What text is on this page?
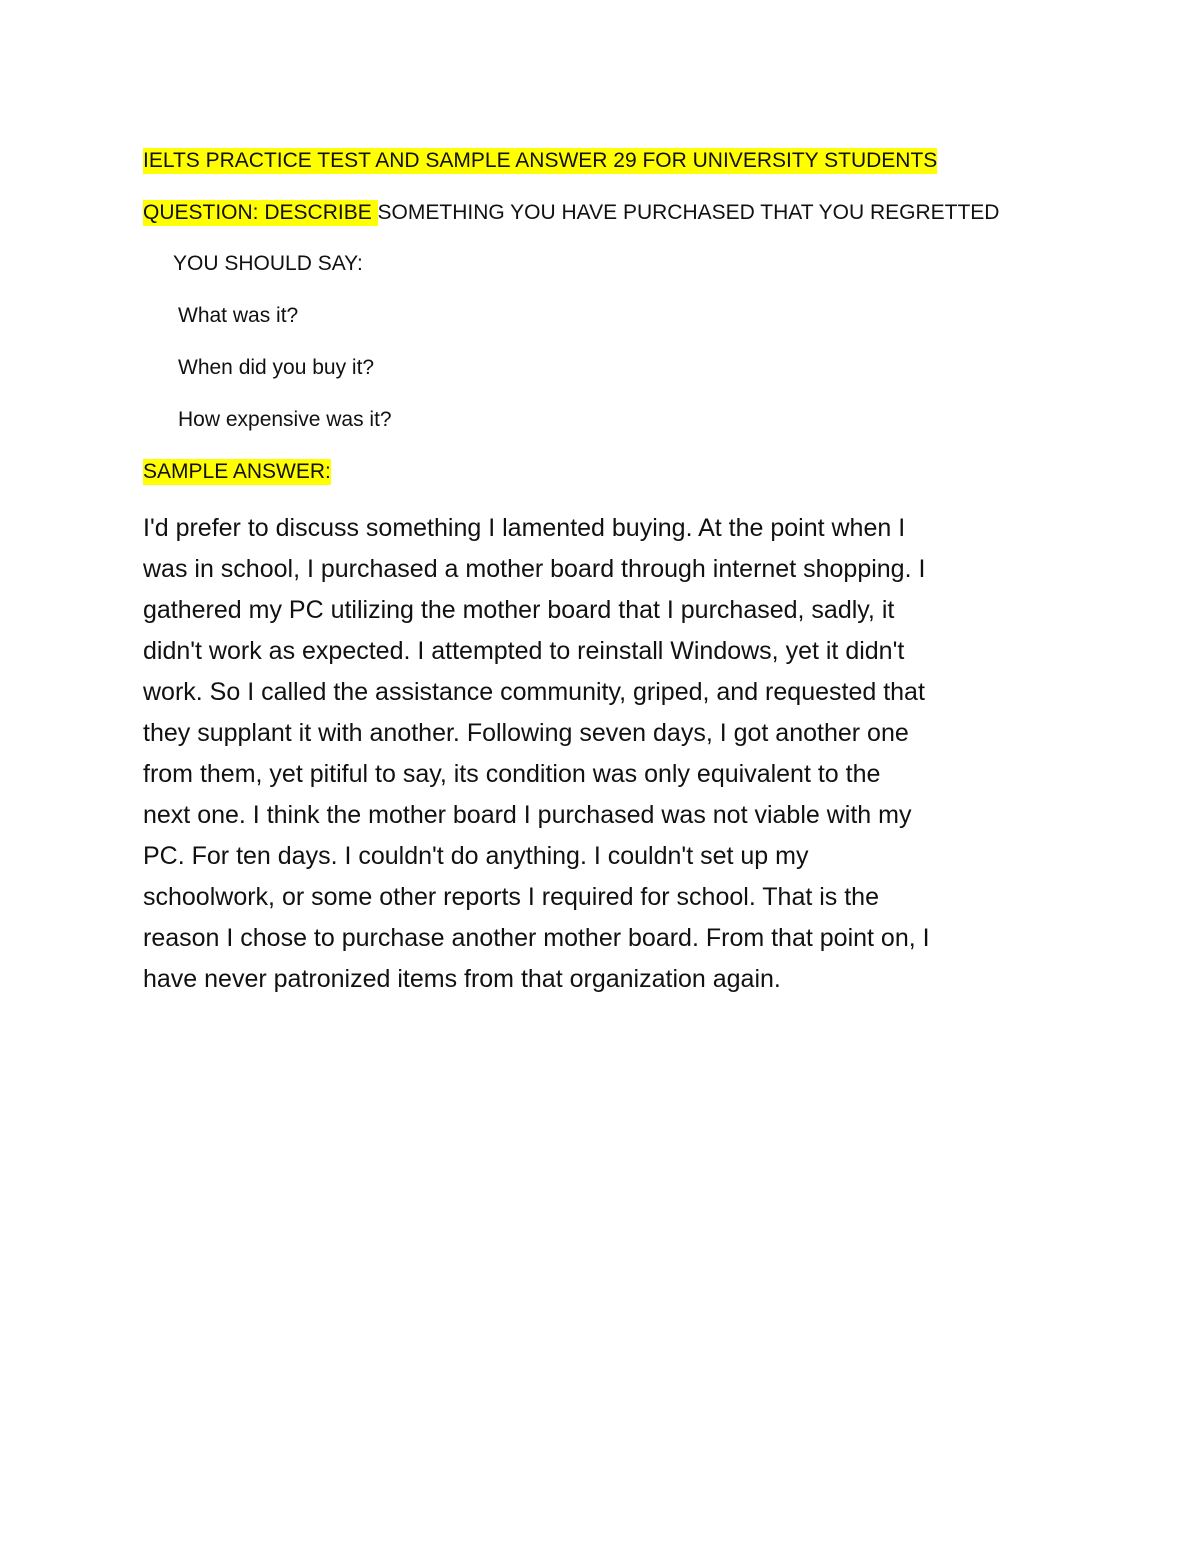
IELTS PRACTICE TEST AND SAMPLE ANSWER 29 FOR UNIVERSITY STUDENTS
QUESTION: DESCRIBE SOMETHING YOU HAVE PURCHASED THAT YOU REGRETTED
YOU SHOULD SAY:
What was it?
When did you buy it?
How expensive was it?
SAMPLE ANSWER:
I'd prefer to discuss something I lamented buying. At the point when I
was in school, I purchased a mother board through internet shopping. I
gathered my PC utilizing the mother board that I purchased, sadly, it
didn't work as expected. I attempted to reinstall Windows, yet it didn't
work. So I called the assistance community, griped, and requested that
they supplant it with another. Following seven days, I got another one
from them, yet pitiful to say, its condition was only equivalent to the
next one. I think the mother board I purchased was not viable with my
PC. For ten days. I couldn't do anything. I couldn't set up my
schoolwork, or some other reports I required for school. That is the
reason I chose to purchase another mother board. From that point on, I
have never patronized items from that organization again.
